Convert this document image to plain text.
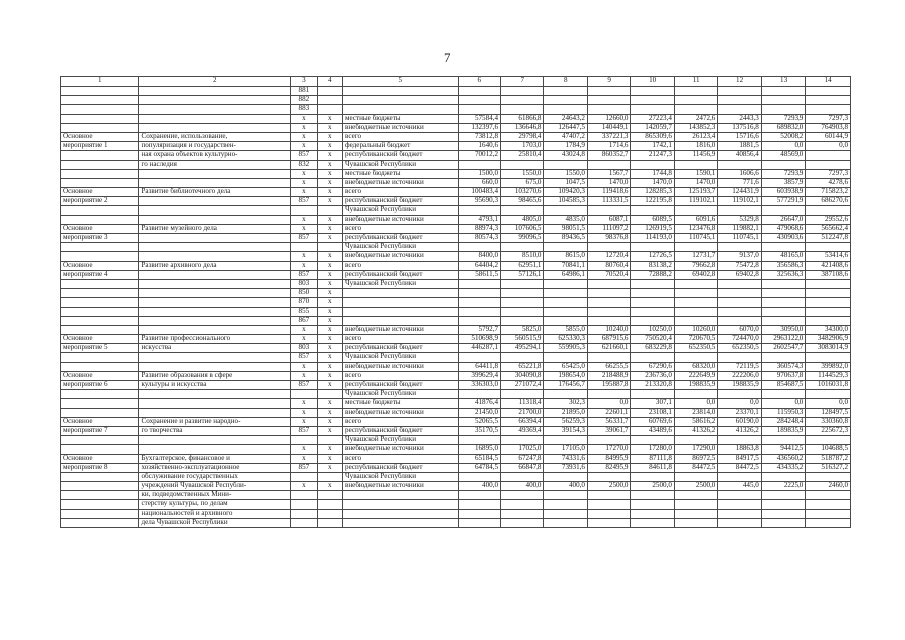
7
1	2	3	4	5	6	7	8	9	10	11	12	13	14
		881											
		882											
		883											
		х	х	местные бюджеты	57584,4	61866,8	24643,2	12660,0	27223,4	2472,6	2443,3	7293,9	7297,3
		х	х	внебюджетные источники	132397,6	136646,8	126447,5	140449,1	142059,7	143852,3	137516,8	689832,0	764903,8
Основное	Сохранение, использование,	х	х	всего	73812,8	29798,4	47407,2	337221,3	865309,6	26123,4	15716,6	52008,2	60144,9
мероприятие 1	популяризация и государствен-	х	х	федеральный бюджет	1640,6	1703,0	1784,9	1714,6	1742,1	1816,0	1881,5	0,0	0,0
	ная охрана объектов культурно-	857	х	республиканский бюджет	70012,2	25810,4	43024,8	860352,7	21247,3	11456,9	40856,4	48569,0	
	го наследия	832	х	Чувашской Республики									
		х	х	местные бюджеты	1500,0	1550,0	1550,0	1567,7	1744,8	1590,1	1606,6	7293,9	7297,3
		х	х	внебюджетные источники	660,0	675,0	1047,5	1470,0	1470,0	1470,0	771,6	3857,9	4278,6
Основное	Развитие библиотечного дела	х	х	всего	100483,4	103270,6	109420,3	119418,6	128285,3	125193,7	124431,9	603938,9	715823,2
мероприятие 2		857	х	республиканский бюджет	95690,3	98465,6	104585,3	113331,5	122195,8	119102,1	119102,1	577291,9	686270,6
				Чувашской Республики									
		х	х	внебюджетные источники	4793,1	4805,0	4835,0	6087,1	6089,5	6091,6	5329,8	26647,0	29552,6
Основное	Развитие музейного дела	х	х	всего	88974,3	107606,5	98051,5	111097,2	126919,5	123476,8	119882,1	479068,6	565662,4
мероприятие 3		857	х	республиканский бюджет	80574,3	99096,5	89436,5	98376,8	114193,0	110745,1	110745,1	430903,6	512247,8
				Чувашской Республики									
		х	х	внебюджетные источники	8400,0	8510,0	8615,0	12720,4	12726,5	12731,7	9137,0	48165,0	53414,6
Основное	Развитие архивного дела	х	х	всего	64404,2	62951,1	70841,1	80760,4	83138,2	79662,8	75472,8	356586,3	421408,6
мероприятие 4		857	х	республиканский бюджет	58611,5	57126,1	64986,1	70520,4	72888,2	69402,8	69402,8	325636,3	387108,6
		803	х	Чувашской Республики									
		850	х										
		870	х										
		855	х										
		867	х										
		х	х	внебюджетные источники	5792,7	5825,0	5855,0	10240,0	10250,0	10260,0	6070,0	30950,0	34300,0
Основное	Развитие профессионального	х	х	всего	510698,9	560515,9	625330,3	687915,6	750520,4	720670,5	724470,0	2963122,0	3482906,9
мероприятие 5	искусства	803	х	республиканский бюджет	446287,1	495294,1	559905,3	621660,1	683229,8	652350,5	652350,5	2602547,7	3083014,9
		857	х	Чувашской Республики									
		х	х	внебюджетные источники	64411,8	65221,8	65425,0	66255,5	67290,6	68320,0	72119,5	360574,3	399892,0
Основное	Развитие образования в сфере	х	х	всего	399629,4	304090,8	198654,0	218488,9	236736,0	222649,9	222206,0	970637,8	1144529,3
мероприятие 6	культуры и искусства	857	х	республиканский бюджет	336303,0	271072,4	176456,7	195887,8	213320,8	198835,9	198835,9	854687,5	1016031,8
				Чувашской Республики									
		х	х	местные бюджеты	41876,4	11318,4	302,3	0,0	307,1	0,0	0,0	0,0	0,0
		х	х	внебюджетные источники	21450,0	21700,0	21895,0	22601,1	23108,1	23814,0	23370,1	115950,3	128497,5
Основное	Сохранение и развитие народно-	х	х	всего	52065,5	66394,4	56259,3	56331,7	60769,6	58616,2	60190,0	284248,4	330360,8
мероприятие 7	го творчества	857	х	республиканский бюджет	35170,5	49369,4	39154,3	39061,7	43489,6	41326,2	41326,2	189835,9	225672,3
				Чувашской Республики									
		х	х	внебюджетные источники	16895,0	17025,0	17105,0	17270,0	17280,0	17290,0	18863,8	94412,5	104688,5
Основное	Бухгалтерское, финансовое и	х	х	всего	65184,5	67247,8	74331,6	84995,9	87111,8	86972,5	84917,5	436560,2	518787,2
мероприятие 8	хозяйственно-эксплуатационное	857	х	республиканский бюджет	64784,5	66847,8	73931,6	82495,9	84611,8	84472,5	84472,5	434335,2	516327,2
	обслуживание государственных			Чувашской Республики									
	учреждений Чувашской Республи-	х	х	внебюджетные источники	400,0	400,0	400,0	2500,0	2500,0	2500,0	445,0	2225,0	2460,0
	ки, подведомственных Мини-												
	стерству культуры, по делам												
	национальностей и архивного												
	дела Чувашской Республики												
